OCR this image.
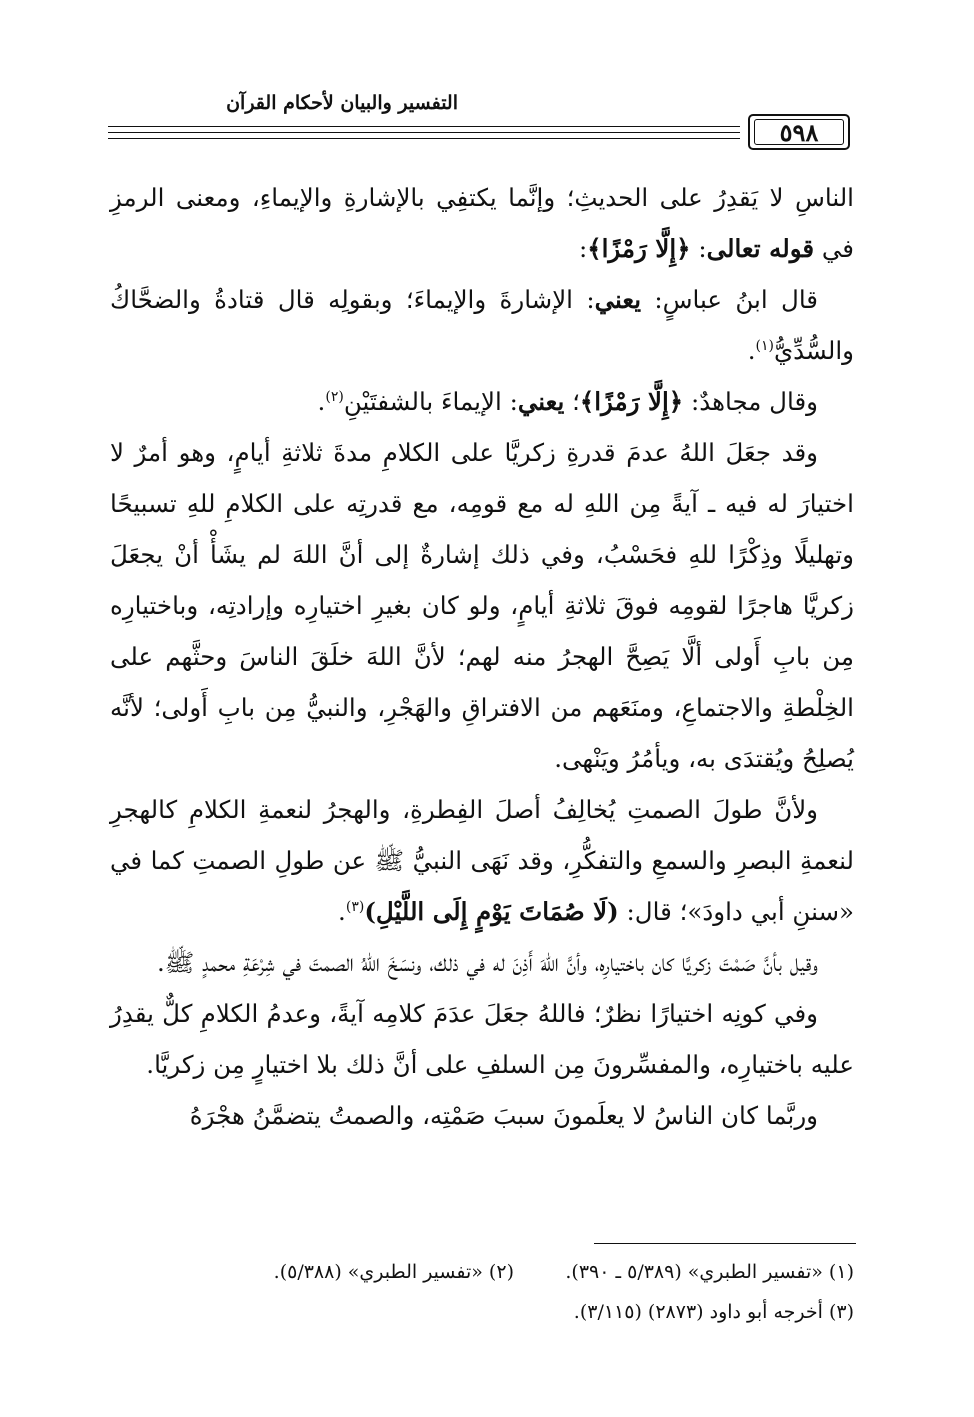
التفسير والبيان لأحكام القرآن
٥٩٨

الناسِ لا يَقدِرُ على الحديثِ؛ وإنَّما يكتفِي بالإشارةِ والإيماءِ، ومعنى الرمزِ في قوله تعالى: ﴿إِلَّا رَمْزًا﴾:

قال ابنُ عباسٍ: يعني: الإشارةَ والإيماءَ؛ وبقولِه قال قتادةُ والضحَّاكُ والسُّدِّيُّ$^{(١)}$.

وقال مجاهدٌ: ﴿إِلَّا رَمْزًا﴾؛ يعني: الإيماءَ بالشفتَيْنِ$^{(٢)}$.

وقد جعَلَ اللهُ عدمَ قدرةِ زكريَّا على الكلامِ مدةَ ثلاثةِ أيامٍ، وهو أمرٌ لا اختيارَ له فيه ـ آيةً مِن اللهِ له مع قومِه، مع قدرتِه على الكلامِ للهِ تسبيحًا وتهليلًا وذِكْرًا للهِ فحَسْبُ، وفي ذلك إشارةٌ إلى أنَّ اللهَ لم يشَأْ أنْ يجعَلَ زكريَّا هاجرًا لقومِه فوقَ ثلاثةِ أيامٍ، ولو كان بغيرِ اختيارِه وإرادتِه، وباختيارِه مِن بابِ أَولى ألَّا يَصِحَّ الهجرُ منه لهم؛ لأنَّ اللهَ خلَقَ الناسَ وحثَّهم على الخِلْطةِ والاجتماعِ، ومنَعَهم من الافتراقِ والهَجْرِ، والنبيُّ مِن بابِ أَولى؛ لأنَّه يُصلِحُ ويُقتدَى به، ويأمُرُ ويَنْهى.

ولأنَّ طولَ الصمتِ يُخالِفُ أصلَ الفِطرةِ، والهجرُ لنعمةِ الكلامِ كالهجرِ لنعمةِ البصرِ والسمعِ والتفكُّرِ، وقد نَهَى النبيُّ ﷺ عن طولِ الصمتِ كما في «سننِ أبي داودَ»؛ قال: (لَا صُمَاتَ يَوْمٍ إِلَى اللَّيْلِ)$^{(٣)}$.

وقيل بأنَّ صَمْتَ زكريَّا كان باختيارِه، وأنَّ اللهَ أَذِنَ له في ذلك، ونسَخَ اللهُ الصمتَ في شِرْعَةِ محمدٍ ﷺ.

وفي كونِه اختيارًا نظرٌ؛ فاللهُ جعَلَ عدَمَ كلامِه آيةً، وعدمُ الكلامِ كلٌّ يقدِرُ عليه باختيارِه، والمفسِّرونَ مِن السلفِ على أنَّ ذلك بلا اختيارٍ مِن زكريَّا.

وربَّما كان الناسُ لا يعلَمونَ سببَ صَمْتِه، والصمتُ يتضمَّنُ هجْرَهُ

(١) «تفسير الطبري» (٥/٣٨٩ ـ ٣٩٠).
(٢) «تفسير الطبري» (٥/٣٨٨).
(٣) أخرجه أبو داود (٢٨٧٣) (٣/١١٥).
